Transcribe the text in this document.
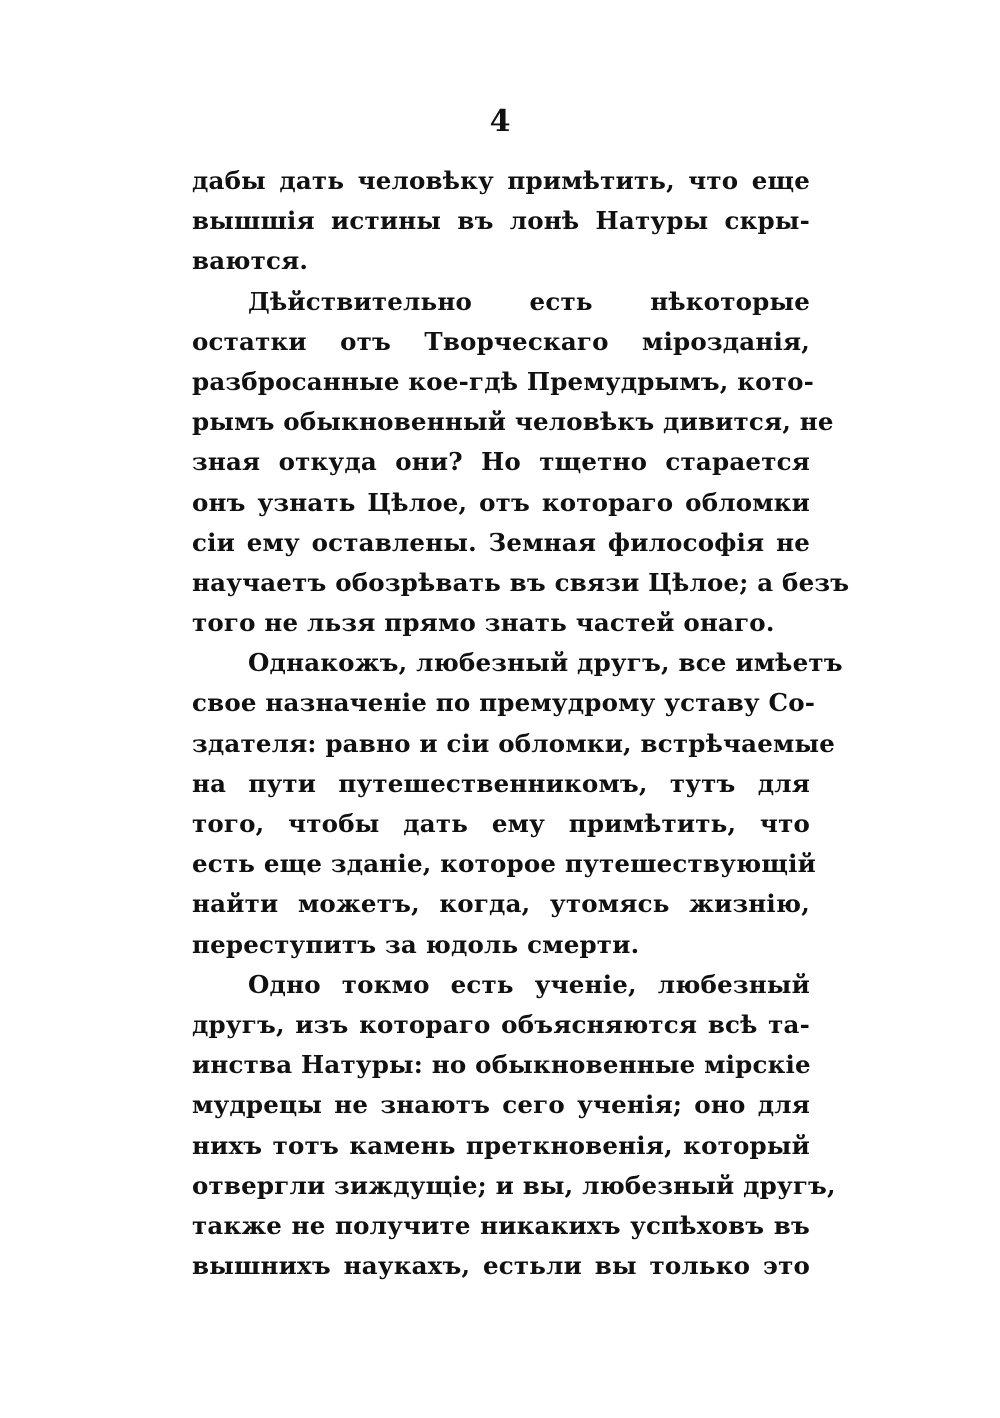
4
дабы дать человѣку примѣтить, что еще
вышшія истины въ лонѣ Натуры скры-
ваются.
Дѣйствительно есть нѣкоторые
остатки отъ Творческаго мірозданія,
разбросанные кое-гдѣ Премудрымъ, кото-
рымъ обыкновенный человѣкъ дивится, не
зная откуда они? Но тщетно старается
онъ узнать Цѣлое, отъ котораго обломки
сіи ему оставлены. Земная философія не
научаетъ обозрѣвать въ связи Цѣлое; а безъ
того не льзя прямо знать частей онаго.
Однакожъ, любезный другъ, все имѣетъ
свое назначеніе по премудрому уставу Со-
здателя: равно и сіи обломки, встрѣчаемые
на пути путешественникомъ, тутъ для
того, чтобы дать ему примѣтить, что
есть еще зданіе, которое путешествующій
найти можетъ, когда, утомясь жизнію,
переступитъ за юдоль смерти.
Одно токмо есть ученіе, любезный
другъ, изъ котораго объясняются всѣ та-
инства Натуры: но обыкновенные мірскіе
мудрецы не знаютъ сего ученія; оно для
нихъ тотъ камень преткновенія, который
отвергли зиждущіе; и вы, любезный другъ,
также не получите никакихъ успѣховъ въ
вышнихъ наукахъ, естьли вы только это
